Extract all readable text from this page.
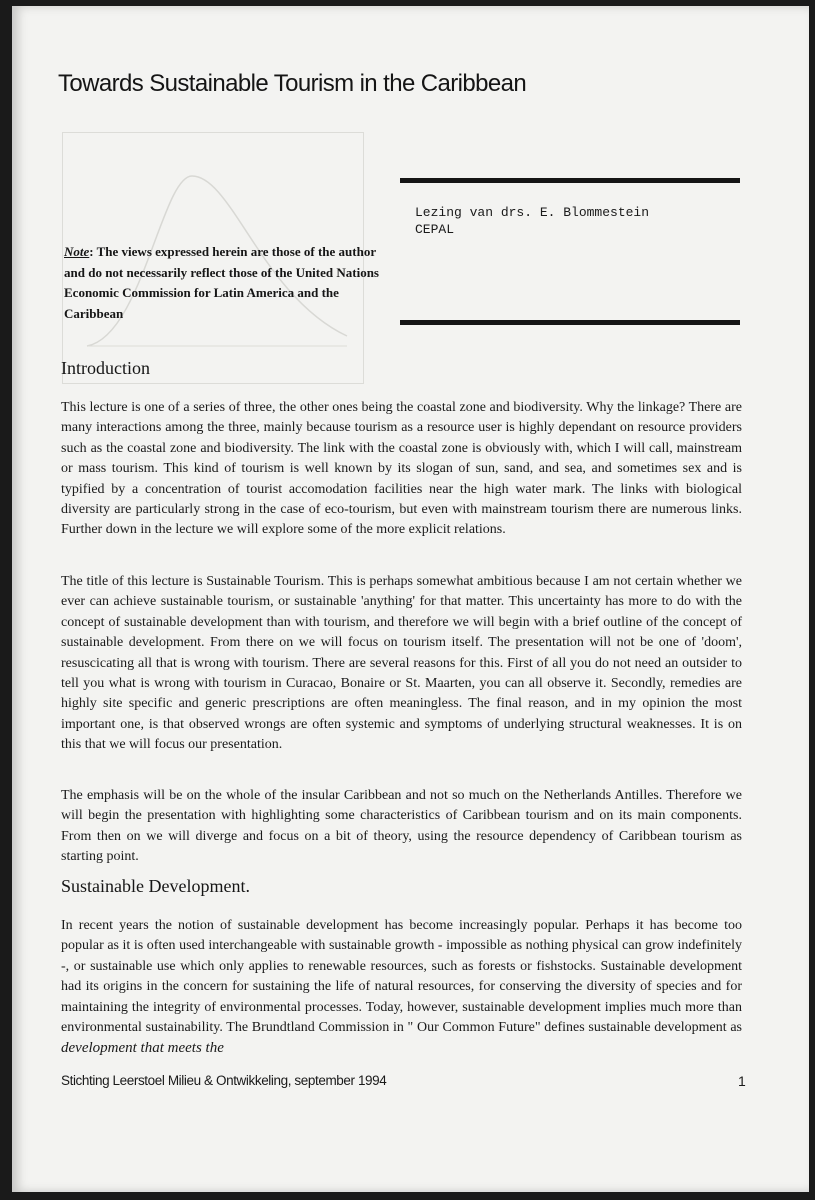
Towards Sustainable Tourism in the Caribbean
Lezing van drs. E. Blommestein
CEPAL
Note: The views expressed herein are those of the author and do not necessarily reflect those of the United Nations Economic Commission for Latin America and the Caribbean
Introduction

This lecture is one of a series of three, the other ones being the coastal zone and biodiversity. Why the linkage? There are many interactions among the three, mainly because tourism as a resource user is highly dependant on resource providers such as the coastal zone and biodiversity. The link with the coastal zone is obviously with, which I will call, mainstream or mass tourism. This kind of tourism is well known by its slogan of sun, sand, and sea, and sometimes sex and is typified by a concentration of tourist accomodation facilities near the high water mark. The links with biological diversity are particularly strong in the case of eco-tourism, but even with mainstream tourism there are numerous links. Further down in the lecture we will explore some of the more explicit relations.

The title of this lecture is Sustainable Tourism. This is perhaps somewhat ambitious because I am not certain whether we ever can achieve sustainable tourism, or sustainable 'anything' for that matter. This uncertainty has more to do with the concept of sustainable development than with tourism, and therefore we will begin with a brief outline of the concept of sustainable development. From there on we will focus on tourism itself. The presentation will not be one of 'doom', resuscicating all that is wrong with tourism. There are several reasons for this. First of all you do not need an outsider to tell you what is wrong with tourism in Curacao, Bonaire or St. Maarten, you can all observe it. Secondly, remedies are highly site specific and generic prescriptions are often meaningless. The final reason, and in my opinion the most important one, is that observed wrongs are often systemic and symptoms of underlying structural weaknesses. It is on this that we will focus our presentation.

The emphasis will be on the whole of the insular Caribbean and not so much on the Netherlands Antilles. Therefore we will begin the presentation with highlighting some characteristics of Caribbean tourism and on its main components. From then on we will diverge and focus on a bit of theory, using the resource dependency of Caribbean tourism as starting point.

Sustainable Development.

In recent years the notion of sustainable development has become increasingly popular. Perhaps it has become too popular as it is often used interchangeable with sustainable growth - impossible as nothing physical can grow indefinitely -, or sustainable use which only applies to renewable resources, such as forests or fishstocks. Sustainable development had its origins in the concern for sustaining the life of natural resources, for conserving the diversity of species and for maintaining the integrity of environmental processes. Today, however, sustainable development implies much more than environmental sustainability. The Brundtland Commission in " Our Common Future" defines sustainable development as development that meets the

Stichting Leerstoel Milieu & Ontwikkeling, september 1994	1
